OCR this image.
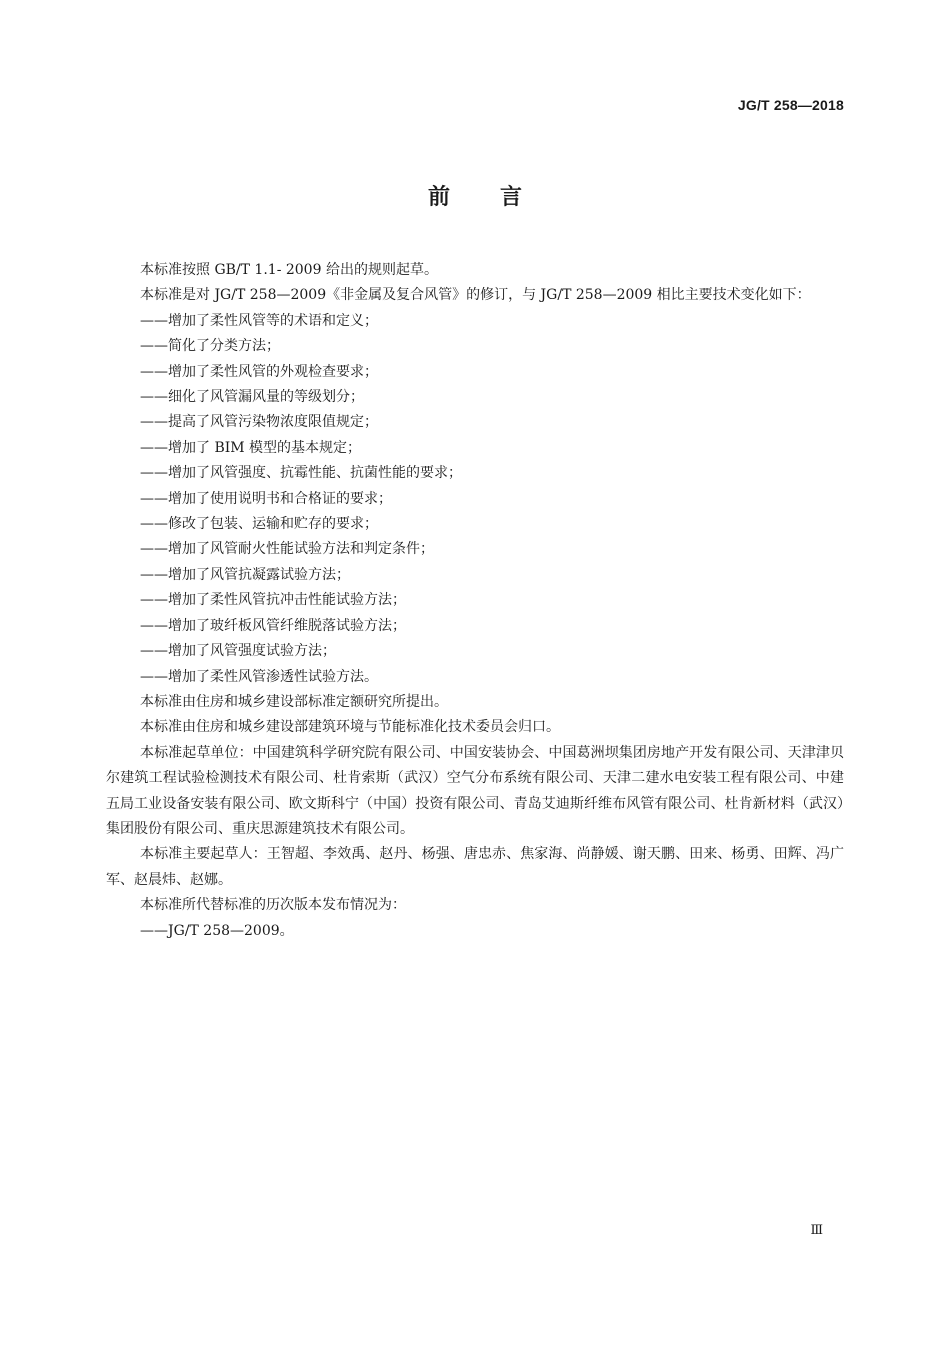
JG/T 258—2018
前言

本标准按照 GB/T 1.1- 2009 给出的规则起草。

本标准是对 JG/T 258—2009《非金属及复合风管》的修订，与 JG/T 258—2009 相比主要技术变化如下：

——增加了柔性风管等的术语和定义；

——简化了分类方法；

——增加了柔性风管的外观检查要求；

——细化了风管漏风量的等级划分；

——提高了风管污染物浓度限值规定；

——增加了 BIM 模型的基本规定；

——增加了风管强度、抗霉性能、抗菌性能的要求；

——增加了使用说明书和合格证的要求；

——修改了包装、运输和贮存的要求；

——增加了风管耐火性能试验方法和判定条件；

——增加了风管抗凝露试验方法；

——增加了柔性风管抗冲击性能试验方法；

——增加了玻纤板风管纤维脱落试验方法；

——增加了风管强度试验方法；

——增加了柔性风管渗透性试验方法。

本标准由住房和城乡建设部标准定额研究所提出。

本标准由住房和城乡建设部建筑环境与节能标准化技术委员会归口。

本标准起草单位：中国建筑科学研究院有限公司、中国安装协会、中国葛洲坝集团房地产开发有限公司、天津津贝尔建筑工程试验检测技术有限公司、杜肯索斯（武汉）空气分布系统有限公司、天津二建水电安装工程有限公司、中建五局工业设备安装有限公司、欧文斯科宁（中国）投资有限公司、青岛艾迪斯纤维布风管有限公司、杜肯新材料（武汉）集团股份有限公司、重庆思源建筑技术有限公司。

本标准主要起草人：王智超、李效禹、赵丹、杨强、唐忠赤、焦家海、尚静媛、谢天鹏、田来、杨勇、田辉、冯广军、赵晨炜、赵娜。

本标准所代替标准的历次版本发布情况为：

——JG/T 258—2009。

Ⅲ
